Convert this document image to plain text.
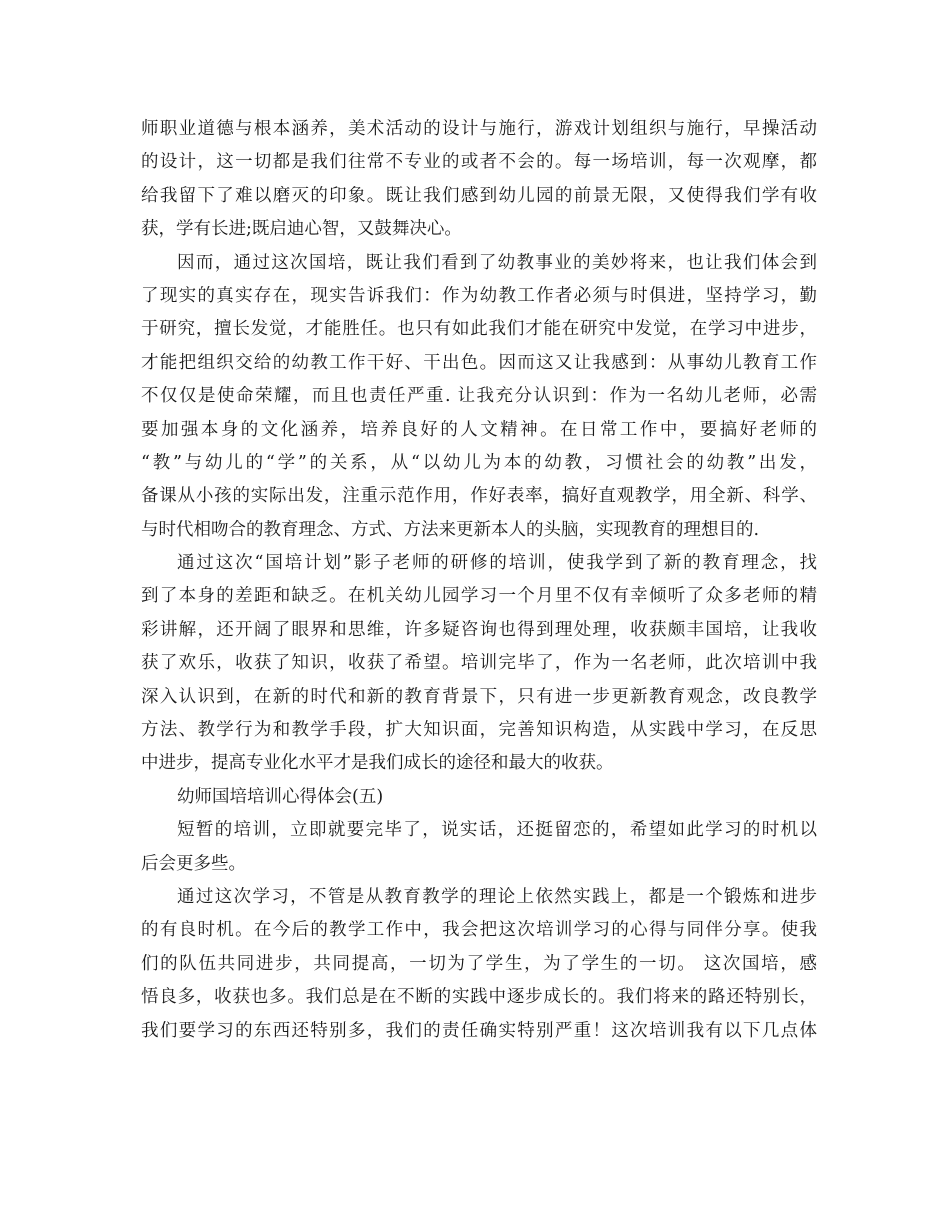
师职业道德与根本涵养，美术活动的设计与施行，游戏计划组织与施行，早操活动
的设计，这一切都是我们往常不专业的或者不会的。每一场培训，每一次观摩，都
给我留下了难以磨灭的印象。既让我们感到幼儿园的前景无限，又使得我们学有收
获，学有长进;既启迪心智，又鼓舞决心。
因而，通过这次国培，既让我们看到了幼教事业的美妙将来，也让我们体会到
了现实的真实存在，现实告诉我们：作为幼教工作者必须与时俱进，坚持学习，勤
于研究，擅长发觉，才能胜任。也只有如此我们才能在研究中发觉，在学习中进步，
才能把组织交给的幼教工作干好、干出色。因而这又让我感到：从事幼儿教育工作
不仅仅是使命荣耀，而且也责任严重. 让我充分认识到：作为一名幼儿老师，必需
要加强本身的文化涵养，培养良好的人文精神。在日常工作中，要搞好老师的
“教”与幼儿的“学”的关系，从“以幼儿为本的幼教，习惯社会的幼教”出发，
备课从小孩的实际出发，注重示范作用，作好表率，搞好直观教学，用全新、科学、
与时代相吻合的教育理念、方式、方法来更新本人的头脑，实现教育的理想目的.
通过这次“国培计划”影子老师的研修的培训，使我学到了新的教育理念，找
到了本身的差距和缺乏。在机关幼儿园学习一个月里不仅有幸倾听了众多老师的精
彩讲解，还开阔了眼界和思维，许多疑咨询也得到理处理，收获颇丰国培，让我收
获了欢乐，收获了知识，收获了希望。培训完毕了，作为一名老师，此次培训中我
深入认识到，在新的时代和新的教育背景下，只有进一步更新教育观念，改良教学
方法、教学行为和教学手段，扩大知识面，完善知识构造，从实践中学习，在反思
中进步，提高专业化水平才是我们成长的途径和最大的收获。
幼师国培培训心得体会(五)
短暂的培训，立即就要完毕了，说实话，还挺留恋的，希望如此学习的时机以
后会更多些。
通过这次学习，不管是从教育教学的理论上依然实践上，都是一个锻炼和进步
的有良时机。在今后的教学工作中，我会把这次培训学习的心得与同伴分享。使我
们的队伍共同进步，共同提高，一切为了学生，为了学生的一切。 这次国培，感
悟良多，收获也多。我们总是在不断的实践中逐步成长的。我们将来的路还特别长，
我们要学习的东西还特别多，我们的责任确实特别严重！这次培训我有以下几点体
